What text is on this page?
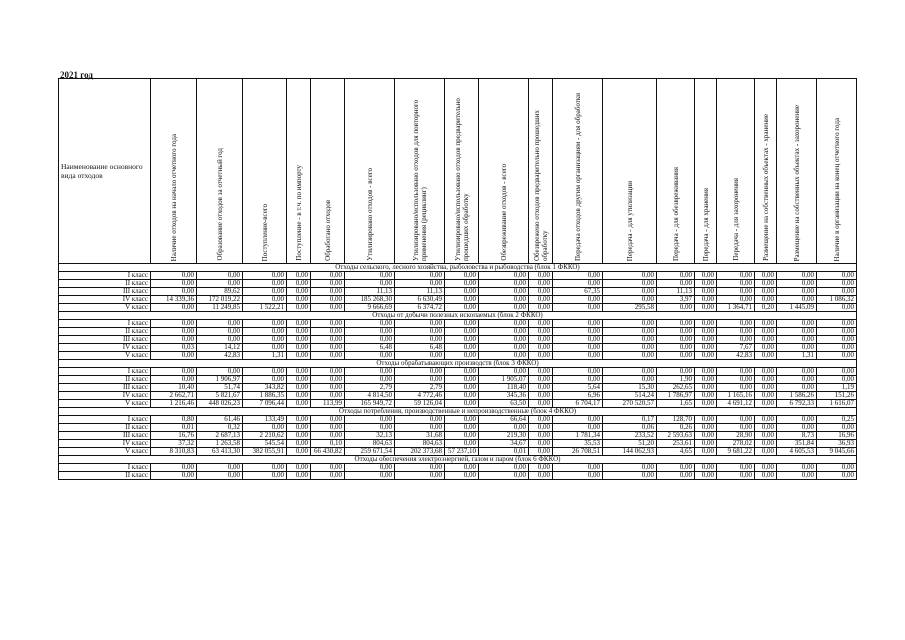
2021 год
Наименование основного вида отходов	Наличие отходов на начало отчетного года	Образование отходов за отчетный год	Поступление-всего	Поступление - в т.ч. по импорту	Обработано отходов	Утилизировано отходов - всего	Утилизировано/использовано отходов для повторного применения (рециклинг)	Утилизировано/использовано отходов предварительно прошедших обработку	Обезвреживание отходов - всего	Обезврежено отходов предварительно прошедших обработку	Передача отходов другим организациям - для обработки	Передача - для утилизации	Передача - для обезвреживания	Передача - для хранения	Передача - для захоронения	Размещение на собственных объектах - хранение	Размещение на собственных объектах - захоронение	Наличие в организации на конец отчетного года

Отходы сельского, лесного хозяйства, рыболовства и рыбоводства (блок 1 ФККО)																		
I класс	0,00	0,00	0,00	0,00	0,00	0,00	0,00	0,00	0,00	0,00	0,00	0,00	0,00	0,00	0,00	0,00	0,00	0,00
II класс	0,00	0,00	0,00	0,00	0,00	0,00	0,00	0,00	0,00	0,00	0,00	0,00	0,00	0,00	0,00	0,00	0,00	0,00
III класс	0,00	89,62	0,00	0,00	0,00	11,13	11,13	0,00	0,00	0,00	67,35	0,00	11,13	0,00	0,00	0,00	0,00	0,00
IV класс	14 339,36	172 019,22	0,00	0,00	0,00	185 268,30	6 630,49	0,00	0,00	0,00	0,00	0,00	3,97	0,00	0,00	0,00	0,00	1 086,32
V класс	0,00	11 249,85	1 522,21	0,00	0,00	9 666,69	6 374,72	0,00	0,00	0,00	0,00	295,58	0,00	0,00	1 364,71	0,20	1 445,09	0,00
Отходы от добычи полезных ископаемых (блок 2 ФККО)																		
I класс	0,00	0,00	0,00	0,00	0,00	0,00	0,00	0,00	0,00	0,00	0,00	0,00	0,00	0,00	0,00	0,00	0,00	0,00
II класс	0,00	0,00	0,00	0,00	0,00	0,00	0,00	0,00	0,00	0,00	0,00	0,00	0,00	0,00	0,00	0,00	0,00	0,00
III класс	0,00	0,00	0,00	0,00	0,00	0,00	0,00	0,00	0,00	0,00	0,00	0,00	0,00	0,00	0,00	0,00	0,00	0,00
IV класс	0,03	14,12	0,00	0,00	0,00	6,48	6,48	0,00	0,00	0,00	0,00	0,00	0,00	0,00	7,67	0,00	0,00	0,00
V класс	0,00	42,83	1,31	0,00	0,00	0,00	0,00	0,00	0,00	0,00	0,00	0,00	0,00	0,00	42,83	0,00	1,31	0,00
Отходы обрабатывающих производств (блок 3 ФККО)																		
I класс	0,00	0,00	0,00	0,00	0,00	0,00	0,00	0,00	0,00	0,00	0,00	0,00	0,00	0,00	0,00	0,00	0,00	0,00
II класс	0,00	1 906,97	0,00	0,00	0,00	0,00	0,00	0,00	1 905,07	0,00	0,00	0,00	1,90	0,00	0,00	0,00	0,00	0,00
III класс	10,40	51,74	343,82	0,00	0,00	2,79	2,79	0,00	118,40	0,00	5,64	15,30	262,65	0,00	0,00	0,00	0,00	1,19
IV класс	2 662,71	5 821,67	1 886,35	0,00	0,00	4 814,50	4 772,46	0,00	345,36	0,00	6,96	514,24	1 786,97	0,00	1 165,16	0,00	1 586,26	151,26
V класс	1 216,46	448 026,23	7 096,44	0,00	113,99	165 949,72	59 126,04	0,00	63,50	0,00	6 704,17	270 520,57	1,65	0,00	4 691,12	0,00	6 792,33	1 616,07
Отходы потребления, производственные и непроизводственные (блок 4 ФККО)																		
I класс	0,80	61,46	133,49	0,00	0,00	0,00	0,00	0,00	66,64	0,00	0,00	0,17	128,70	0,00	0,00	0,00	0,00	0,25
II класс	0,01	0,32	0,00	0,00	0,00	0,00	0,00	0,00	0,00	0,00	0,00	0,06	0,26	0,00	0,00	0,00	0,00	0,00
III класс	16,76	2 687,13	2 210,62	0,00	0,00	32,13	31,68	0,00	219,30	0,00	1 781,34	233,52	2 593,63	0,00	28,90	0,00	8,73	16,96
IV класс	37,32	1 263,58	545,54	0,00	0,10	804,63	804,63	0,00	34,67	0,00	35,53	51,20	253,61	0,00	278,02	0,00	351,84	36,93
V класс	8 310,83	63 413,30	382 055,91	0,00	66 430,82	259 671,54	202 373,68	57 237,10	0,01	0,00	26 708,51	144 062,93	4,65	0,00	9 681,22	0,00	4 605,53	9 045,66
Отходы обеспечения электроэнергией, газом и паром (блок 6 ФККО)																		
I класс	0,00	0,00	0,00	0,00	0,00	0,00	0,00	0,00	0,00	0,00	0,00	0,00	0,00	0,00	0,00	0,00	0,00	0,00
II класс	0,00	0,00	0,00	0,00	0,00	0,00	0,00	0,00	0,00	0,00	0,00	0,00	0,00	0,00	0,00	0,00	0,00	0,00
